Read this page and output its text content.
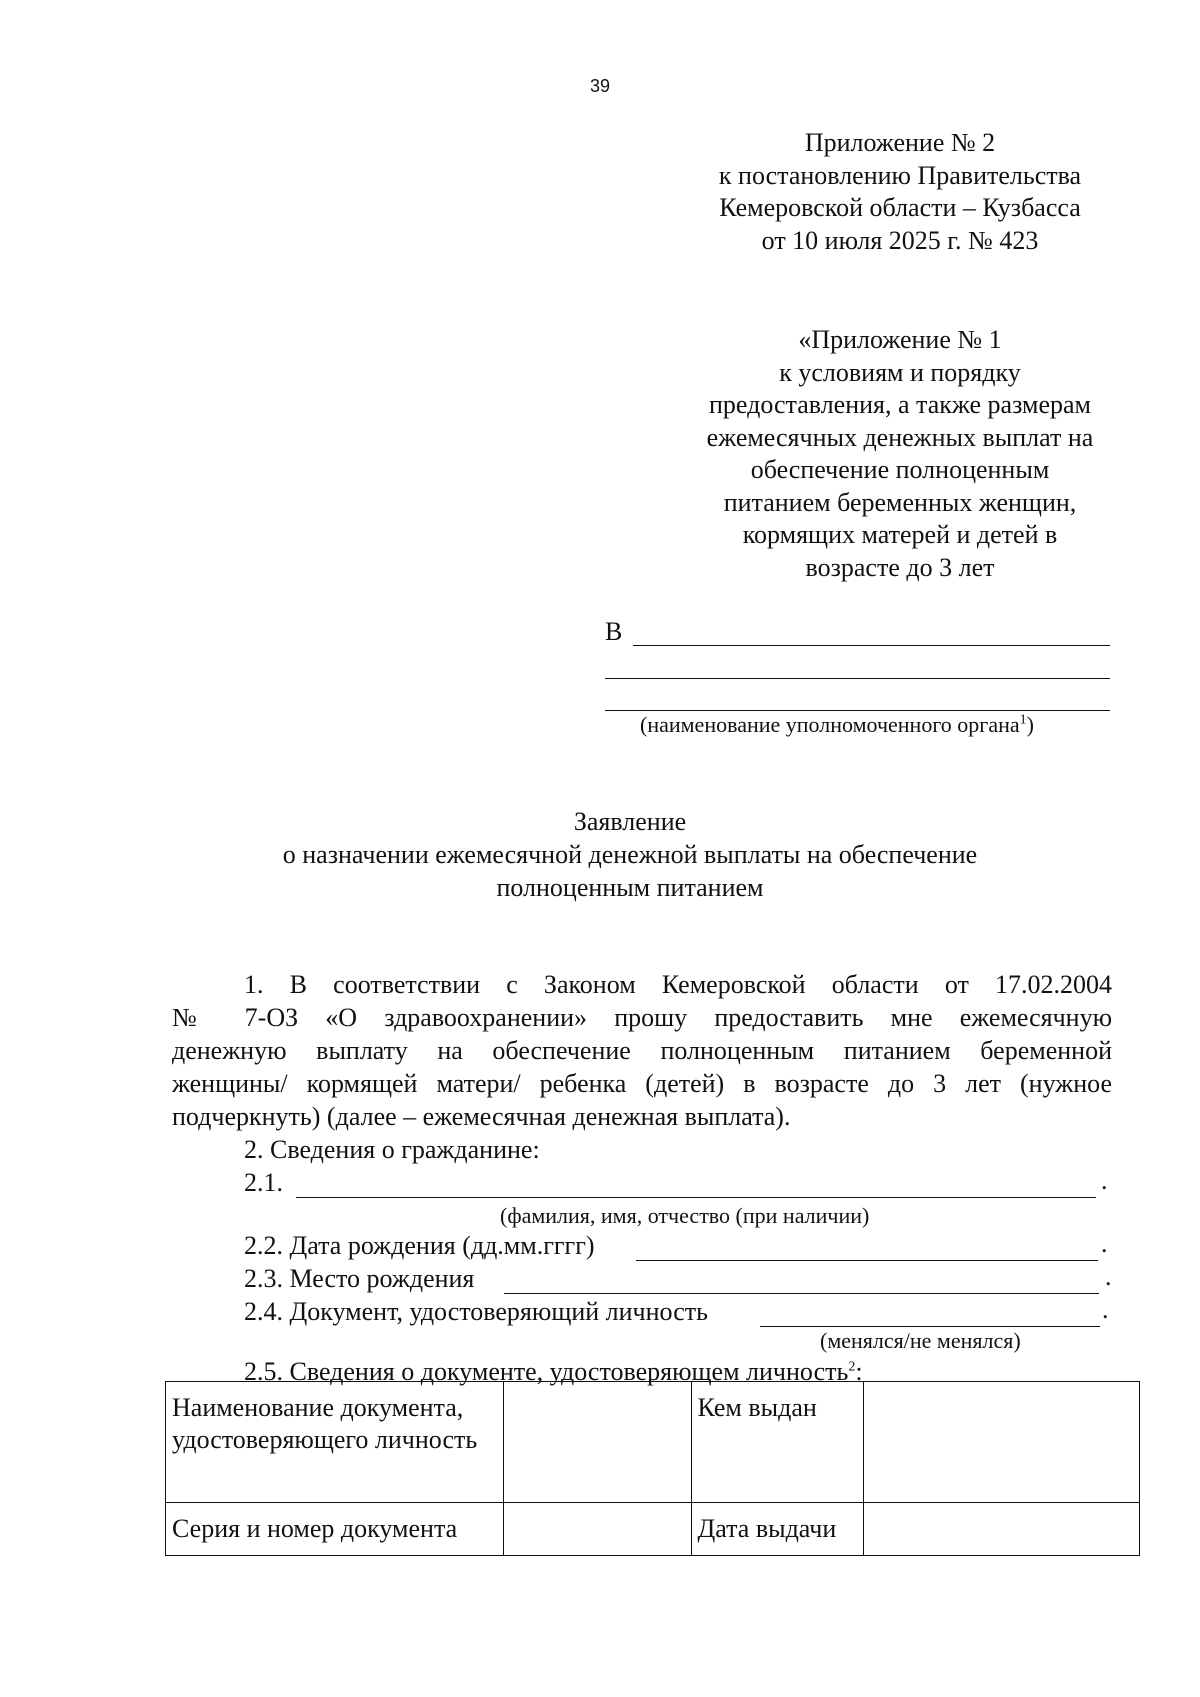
39
Приложение № 2
к постановлению Правительства
Кемеровской области – Кузбасса
от 10 июля 2025 г. № 423
«Приложение № 1
к условиям и порядку
предоставления, а также размерам
ежемесячных денежных выплат на
обеспечение полноценным
питанием беременных женщин,
кормящих матерей и детей в
возрасте до 3 лет
В
(наименование уполномоченного органа$^1$)
Заявление
о назначении ежемесячной денежной выплаты на обеспечение
полноценным питанием
1. В соответствии с Законом Кемеровской области от 17.02.2004
№ 7-ОЗ «О здравоохранении» прошу предоставить мне ежемесячную
денежную выплату на обеспечение полноценным питанием беременной
женщины/ кормящей матери/ ребенка (детей) в возрасте до 3 лет (нужное
подчеркнуть) (далее – ежемесячная денежная выплата).
2. Сведения о гражданине:
2.1.	.
(фамилия, имя, отчество (при наличии)
2.2. Дата рождения (дд.мм.гггг)	.
2.3. Место рождения	.
2.4. Документ, удостоверяющий личность	.
(менялся/не менялся)
2.5. Сведения о документе, удостоверяющем личность$^2$:
Наименование документа, удостоверяющего личность		Кем выдан	
Серия и номер документа		Дата выдачи	
